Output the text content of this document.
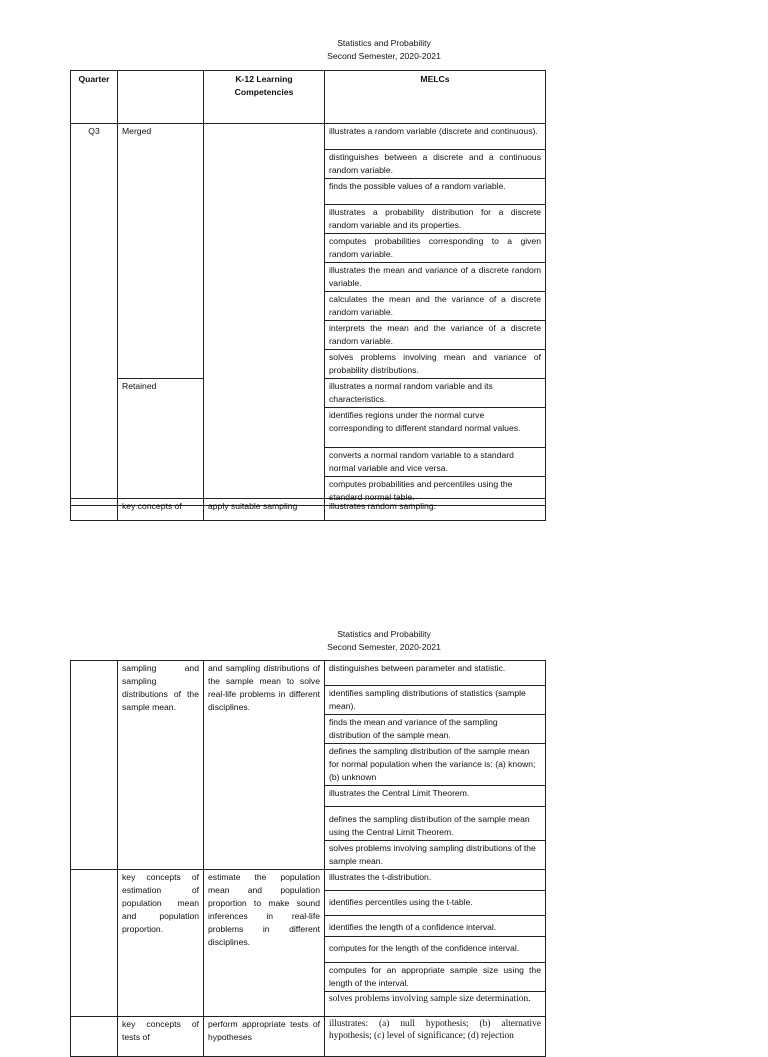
Statistics and Probability
Second Semester, 2020-2021
Quarter		K-12 Learning Competencies	MELCs
Q3	Merged		illustrates a random variable (discrete and continuous).
			distinguishes between a discrete and a continuous random variable.
			finds the possible values of a random variable.
			illustrates a probability distribution for a discrete random variable and its properties.
			computes probabilities corresponding to a given random variable.
			illustrates the mean and variance of a discrete random variable.
			calculates the mean and the variance of a discrete random variable.
			interprets the mean and the variance of a discrete random variable.
			solves problems involving mean and variance of probability distributions.
	Retained		illustrates a normal random variable and its characteristics.
			identifies regions under the normal curve corresponding to different standard normal values.
			converts a normal random variable to a standard normal variable and vice versa.
			computes probabilities and percentiles using the standard normal table.
	key concepts of	apply suitable sampling	illustrates random sampling.
Statistics and Probability
Second Semester, 2020-2021
	sampling and sampling distributions of the sample mean.	and sampling distributions of the sample mean to solve real-life problems in different disciplines.	distinguishes between parameter and statistic.
			identifies sampling distributions of statistics (sample mean).
			finds the mean and variance of the sampling distribution of the sample mean.
			defines the sampling distribution of the sample mean for normal population when the variance is: (a) known; (b) unknown
			illustrates the Central Limit Theorem.
			defines the sampling distribution of the sample mean using the Central Limit Theorem.
			solves problems involving sampling distributions of the sample mean.
	key concepts of estimation of population mean and population proportion.	estimate the population mean and population proportion to make sound inferences in real-life problems in different disciplines.	illustrates the t-distribution.
			identifies percentiles using the t-table.
			identifies the length of a confidence interval.
			computes for the length of the confidence interval.
			computes for an appropriate sample size using the length of the interval.
			solves problems involving sample size determination.
	key concepts of tests of	perform appropriate tests of hypotheses	illustrates: (a) null hypothesis; (b) alternative hypothesis; (c) level of significance; (d) rejection
